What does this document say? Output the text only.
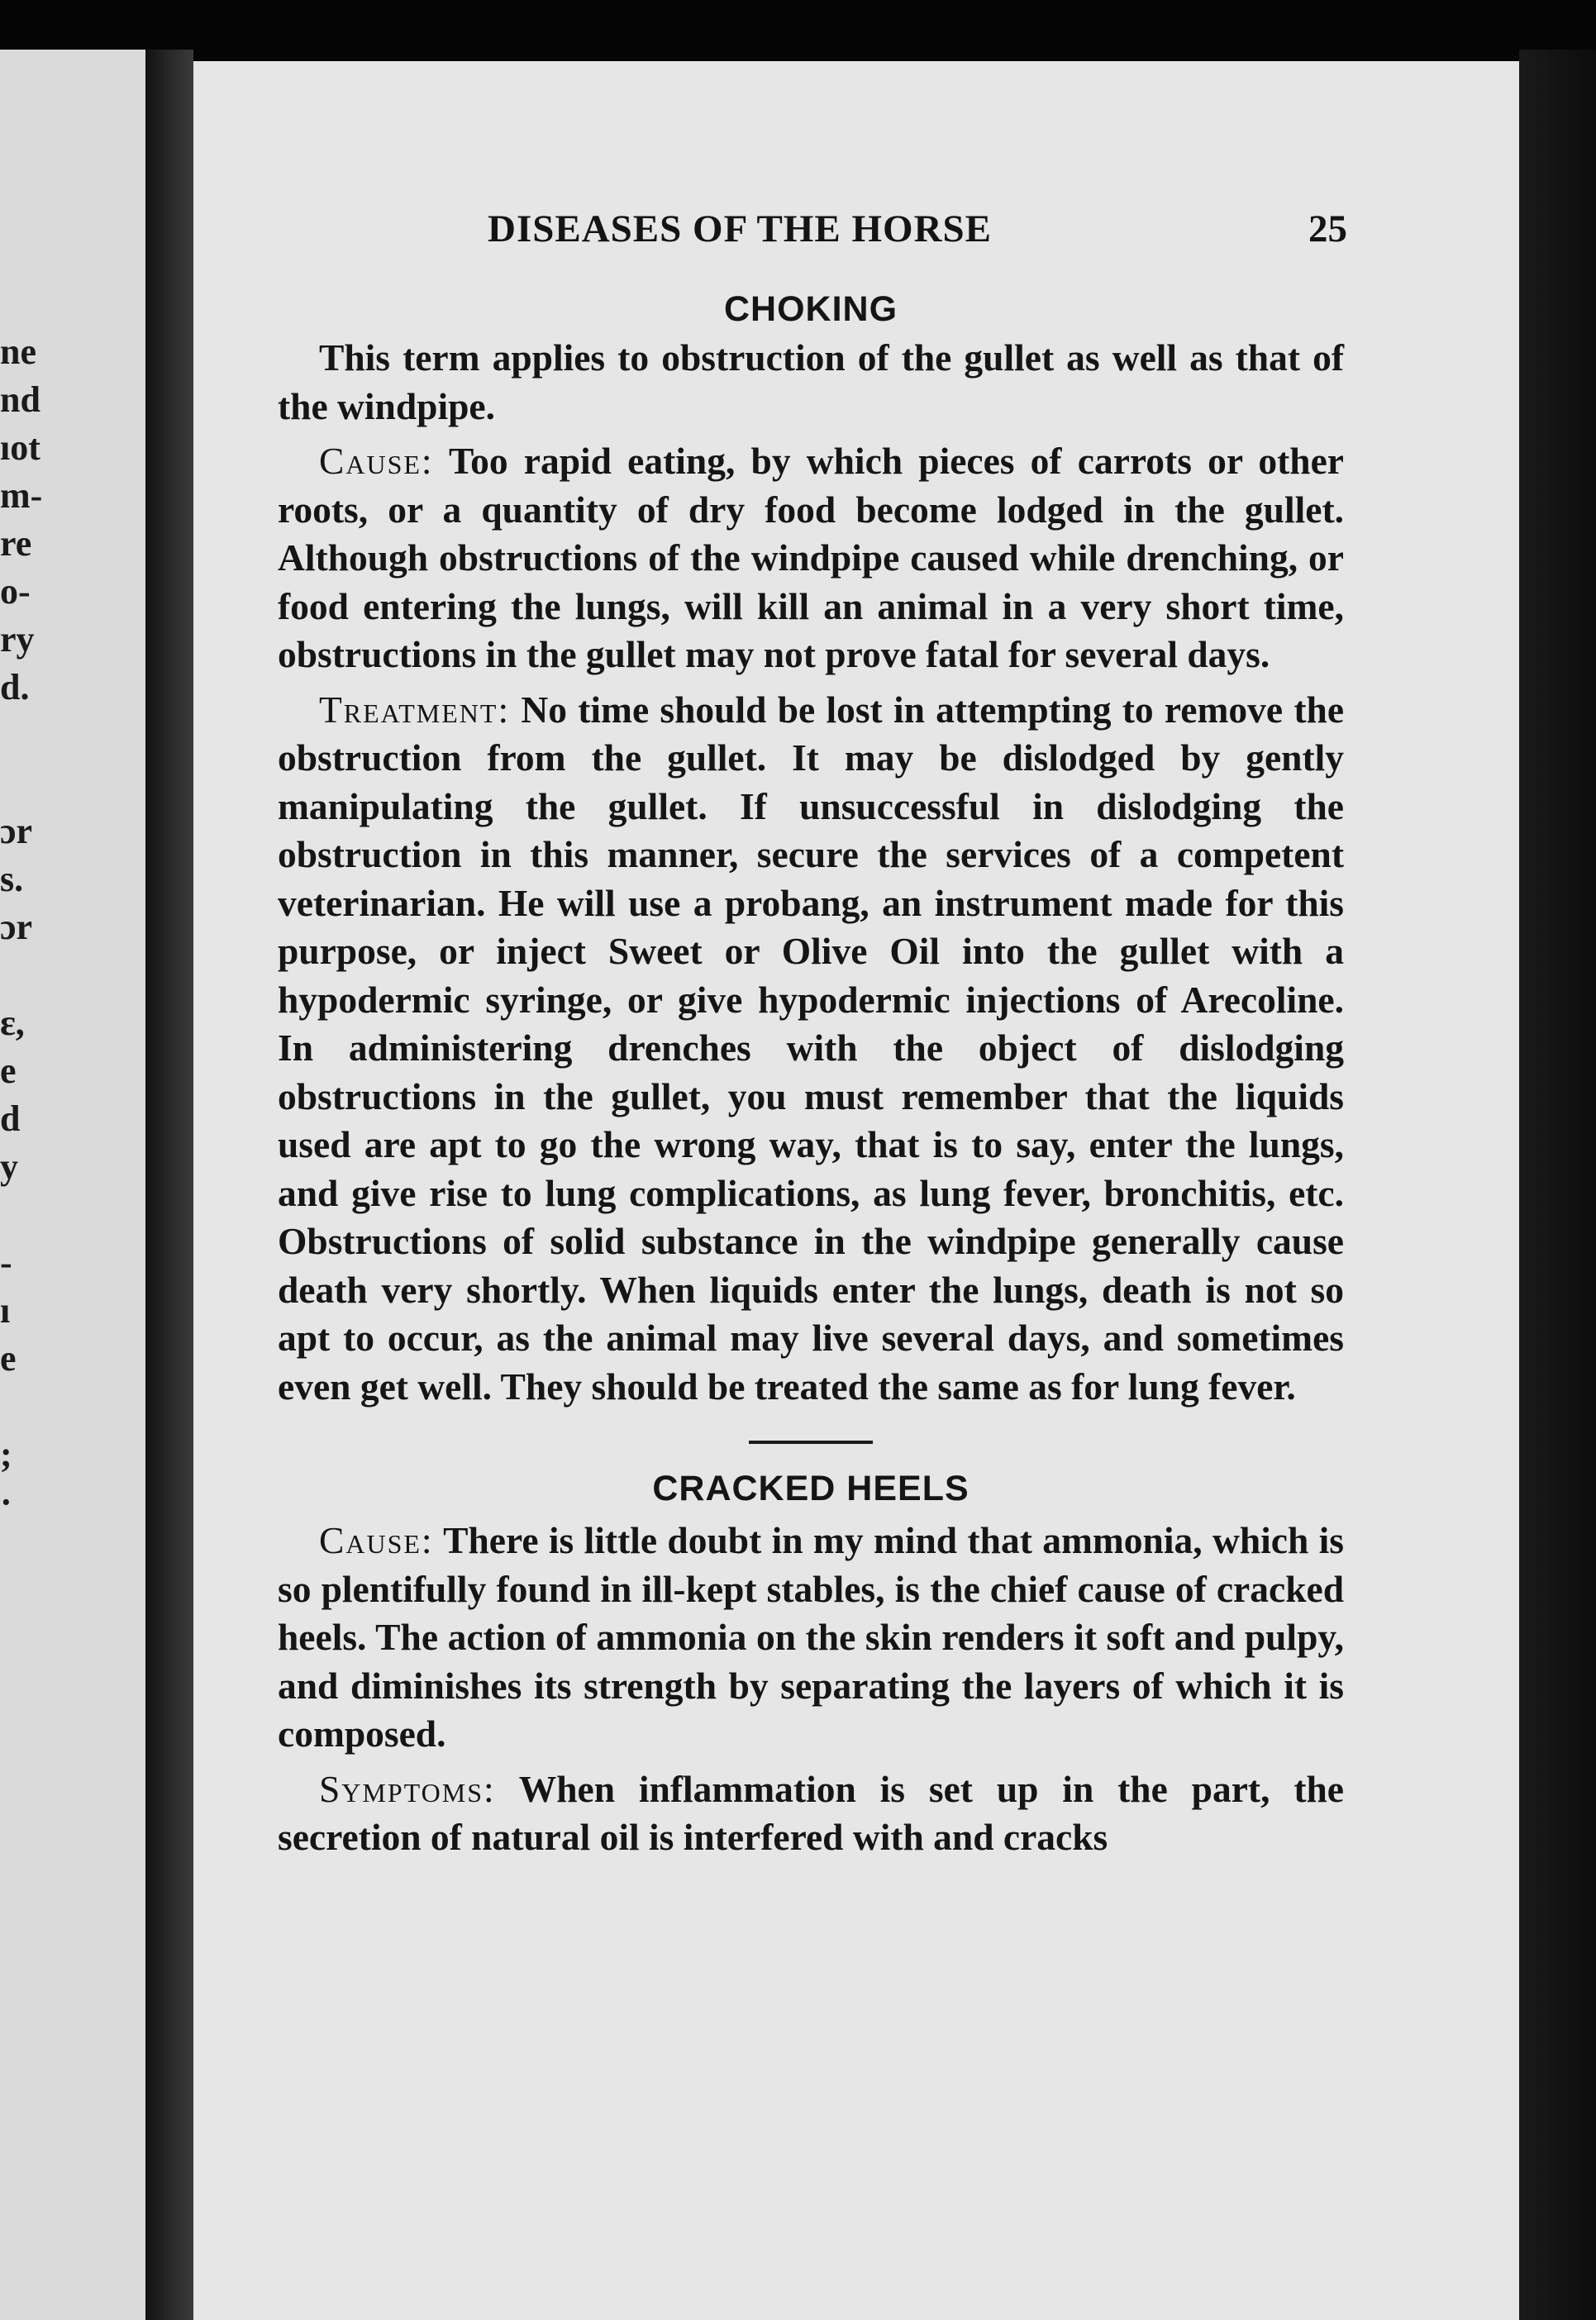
ne
nd
ıot
m-
re
o-
ry
d.
ɔr
s.
ɔr
ɛ,
e
d
y
-
ı
e
;
·
DISEASES OF THE HORSE	25
CHOKING

This term applies to obstruction of the gullet as well as that of the windpipe.

Cause: Too rapid eating, by which pieces of carrots or other roots, or a quantity of dry food become lodged in the gullet. Although obstructions of the windpipe caused while drenching, or food entering the lungs, will kill an animal in a very short time, obstructions in the gullet may not prove fatal for several days.

Treatment: No time should be lost in attempting to remove the obstruction from the gullet. It may be dislodged by gently manipulating the gullet. If unsuccessful in dislodging the obstruction in this manner, secure the services of a competent veterinarian. He will use a probang, an instrument made for this purpose, or inject Sweet or Olive Oil into the gullet with a hypodermic syringe, or give hypodermic injections of Arecoline. In administering drenches with the object of dislodging obstructions in the gullet, you must remember that the liquids used are apt to go the wrong way, that is to say, enter the lungs, and give rise to lung complications, as lung fever, bronchitis, etc. Obstructions of solid substance in the windpipe generally cause death very shortly. When liquids enter the lungs, death is not so apt to occur, as the animal may live several days, and sometimes even get well. They should be treated the same as for lung fever.

CRACKED HEELS

Cause: There is little doubt in my mind that ammonia, which is so plentifully found in ill-kept stables, is the chief cause of cracked heels. The action of ammonia on the skin renders it soft and pulpy, and diminishes its strength by separating the layers of which it is composed.

Symptoms: When inflammation is set up in the part, the secretion of natural oil is interfered with and cracks
